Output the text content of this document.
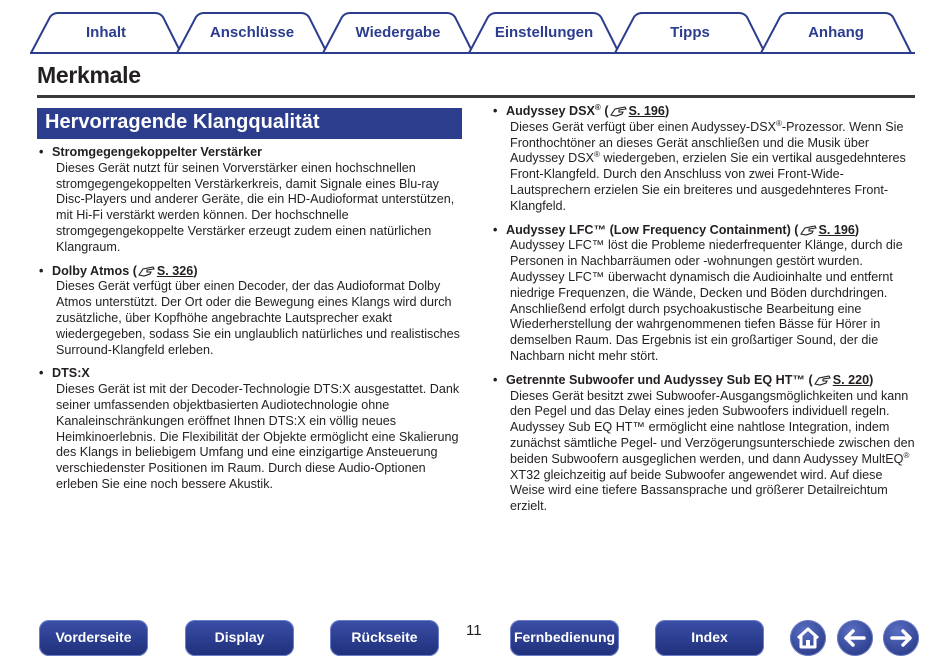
Inhalt	Anschlüsse	Wiedergabe	Einstellungen	Tipps	Anhang
Merkmale
Hervorragende Klangqualität
• Stromgegengekoppelter Verstärker
Dieses Gerät nutzt für seinen Vorverstärker einen hochschnellen stromgegengekoppelten Verstärkerkreis, damit Signale eines Blu-ray Disc-Players und anderer Geräte, die ein HD-Audioformat unterstützen, mit Hi-Fi verstärkt werden können. Der hochschnelle stromgegengekoppelte Verstärker erzeugt zudem einen natürlichen Klangraum.
• Dolby Atmos ( S. 326)
Dieses Gerät verfügt über einen Decoder, der das Audioformat Dolby Atmos unterstützt. Der Ort oder die Bewegung eines Klangs wird durch zusätzliche, über Kopfhöhe angebrachte Lautsprecher exakt wiedergegeben, sodass Sie ein unglaublich natürliches und realistisches Surround-Klangfeld erleben.
• DTS:X
Dieses Gerät ist mit der Decoder-Technologie DTS:X ausgestattet. Dank seiner umfassenden objektbasierten Audiotechnologie ohne Kanaleinschränkungen eröffnet Ihnen DTS:X ein völlig neues Heimkinoerlebnis. Die Flexibilität der Objekte ermöglicht eine Skalierung des Klangs in beliebigem Umfang und eine einzigartige Ansteuerung verschiedenster Positionen im Raum. Durch diese Audio-Optionen erleben Sie eine noch bessere Akustik.
• Audyssey DSX® ( S. 196)
Dieses Gerät verfügt über einen Audyssey-DSX®-Prozessor. Wenn Sie Fronthochtöner an dieses Gerät anschließen und die Musik über Audyssey DSX® wiedergeben, erzielen Sie ein vertikal ausgedehnteres Front-Klangfeld. Durch den Anschluss von zwei Front-Wide-Lautsprechern erzielen Sie ein breiteres und ausgedehnteres Front-Klangfeld.
• Audyssey LFC™ (Low Frequency Containment) ( S. 196)
Audyssey LFC™ löst die Probleme niederfrequenter Klänge, durch die Personen in Nachbarräumen oder -wohnungen gestört wurden. Audyssey LFC™ überwacht dynamisch die Audioinhalte und entfernt niedrige Frequenzen, die Wände, Decken und Böden durchdringen. Anschließend erfolgt durch psychoakustische Bearbeitung eine Wiederherstellung der wahrgenommenen tiefen Bässe für Hörer in demselben Raum. Das Ergebnis ist ein großartiger Sound, der die Nachbarn nicht mehr stört.
• Getrennte Subwoofer und Audyssey Sub EQ HT™ ( S. 220)
Dieses Gerät besitzt zwei Subwoofer-Ausgangsmöglichkeiten und kann den Pegel und das Delay eines jeden Subwoofers individuell regeln.
Audyssey Sub EQ HT™ ermöglicht eine nahtlose Integration, indem zunächst sämtliche Pegel- und Verzögerungsunterschiede zwischen den beiden Subwoofern ausgeglichen werden, und dann Audyssey MultEQ® XT32 gleichzeitig auf beide Subwoofer angewendet wird. Auf diese Weise wird eine tiefere Bassansprache und größerer Detailreichtum erzielt.
Vorderseite	Display	Rückseite	11 Fernbedienung	Index
